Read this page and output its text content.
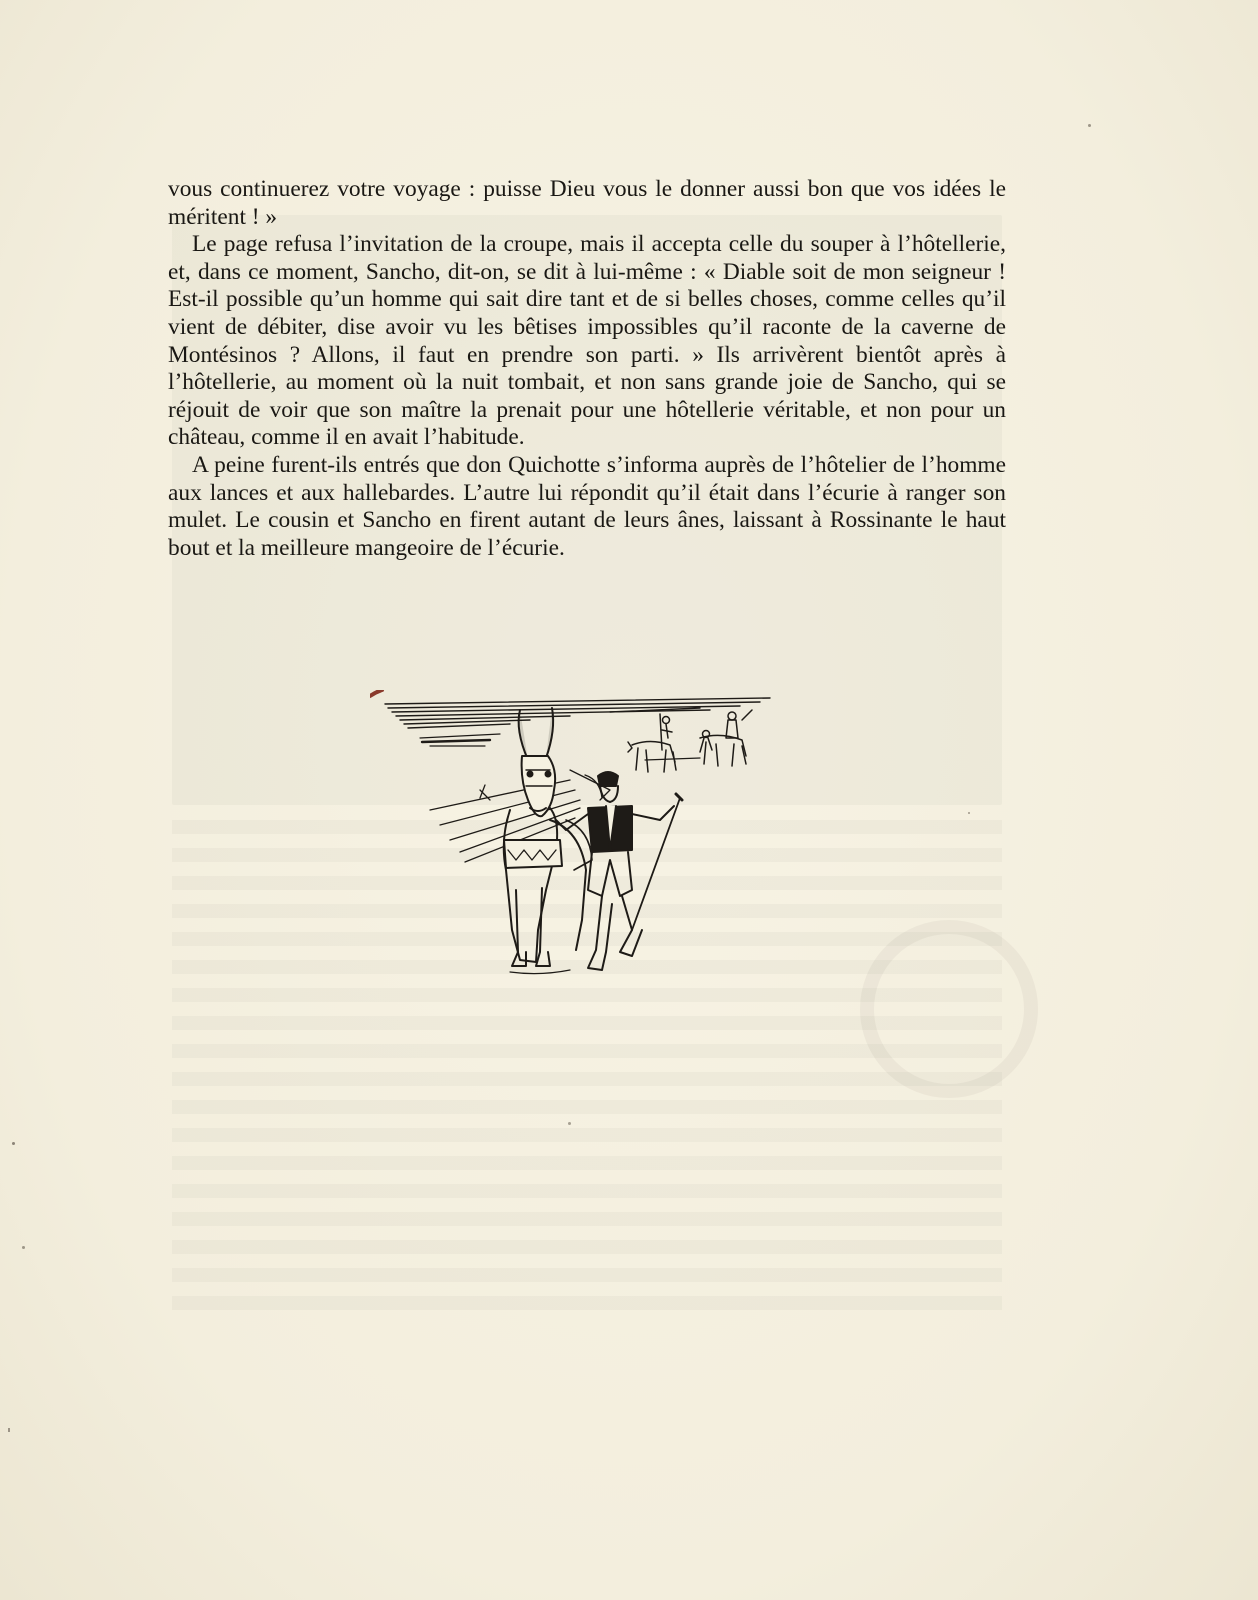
vous continuerez votre voyage : puisse Dieu vous le donner aussi bon que vos idées le méritent ! »

Le page refusa l’invitation de la croupe, mais il accepta celle du souper à l’hôtellerie, et, dans ce moment, Sancho, dit-on, se dit à lui-même : « Diable soit de mon seigneur ! Est-il possible qu’un homme qui sait dire tant et de si belles choses, comme celles qu’il vient de débiter, dise avoir vu les bêtises impossibles qu’il raconte de la caverne de Montésinos ? Allons, il faut en prendre son parti. » Ils arrivèrent bientôt après à l’hôtellerie, au moment où la nuit tombait, et non sans grande joie de Sancho, qui se réjouit de voir que son maître la prenait pour une hôtellerie véritable, et non pour un château, comme il en avait l’habitude.

A peine furent-ils entrés que don Quichotte s’informa auprès de l’hôtelier de l’homme aux lances et aux hallebardes. L’autre lui répondit qu’il était dans l’écurie à ranger son mulet. Le cousin et Sancho en firent autant de leurs ânes, laissant à Rossinante le haut bout et la meilleure mangeoire de l’écurie.
